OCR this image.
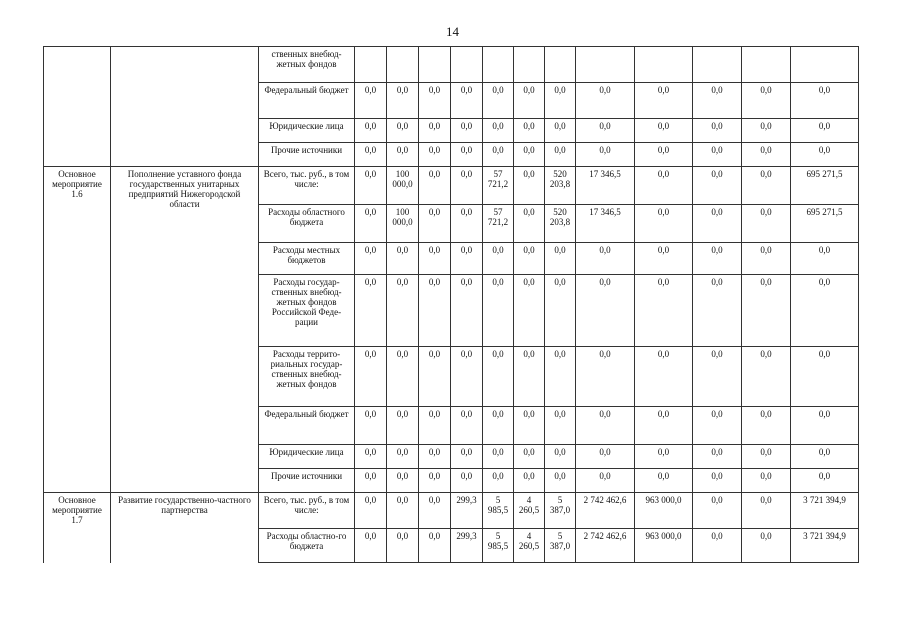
14
		ственных внебюд-жетных фондов												
		Федеральный бюджет	0,0	0,0	0,0	0,0	0,0	0,0	0,0	0,0	0,0	0,0	0,0	0,0
		Юридические лица	0,0	0,0	0,0	0,0	0,0	0,0	0,0	0,0	0,0	0,0	0,0	0,0
		Прочие источники	0,0	0,0	0,0	0,0	0,0	0,0	0,0	0,0	0,0	0,0	0,0	0,0
Основное мероприятие 1.6	Пополнение уставного фонда государственных унитарных предприятий Нижегородской области	Всего, тыс. руб., в том числе:	0,0	100 000,0	0,0	0,0	57 721,2	0,0	520 203,8	17 346,5	0,0	0,0	0,0	695 271,5
		Расходы областного бюджета	0,0	100 000,0	0,0	0,0	57 721,2	0,0	520 203,8	17 346,5	0,0	0,0	0,0	695 271,5
		Расходы местных бюджетов	0,0	0,0	0,0	0,0	0,0	0,0	0,0	0,0	0,0	0,0	0,0	0,0
		Расходы государ-ственных внебюд-жетных фондов Российской Феде-рации	0,0	0,0	0,0	0,0	0,0	0,0	0,0	0,0	0,0	0,0	0,0	0,0
		Расходы террито-риальных государ-ственных внебюд-жетных фондов	0,0	0,0	0,0	0,0	0,0	0,0	0,0	0,0	0,0	0,0	0,0	0,0
		Федеральный бюджет	0,0	0,0	0,0	0,0	0,0	0,0	0,0	0,0	0,0	0,0	0,0	0,0
		Юридические лица	0,0	0,0	0,0	0,0	0,0	0,0	0,0	0,0	0,0	0,0	0,0	0,0
		Прочие источники	0,0	0,0	0,0	0,0	0,0	0,0	0,0	0,0	0,0	0,0	0,0	0,0
Основное мероприятие 1.7	Развитие государственно-частного партнерства	Всего, тыс. руб., в том числе:	0,0	0,0	0,0	299,3	5 985,5	4 260,5	5 387,0	2 742 462,6	963 000,0	0,0	0,0	3 721 394,9
		Расходы областно-го бюджета	0,0	0,0	0,0	299,3	5 985,5	4 260,5	5 387,0	2 742 462,6	963 000,0	0,0	0,0	3 721 394,9
